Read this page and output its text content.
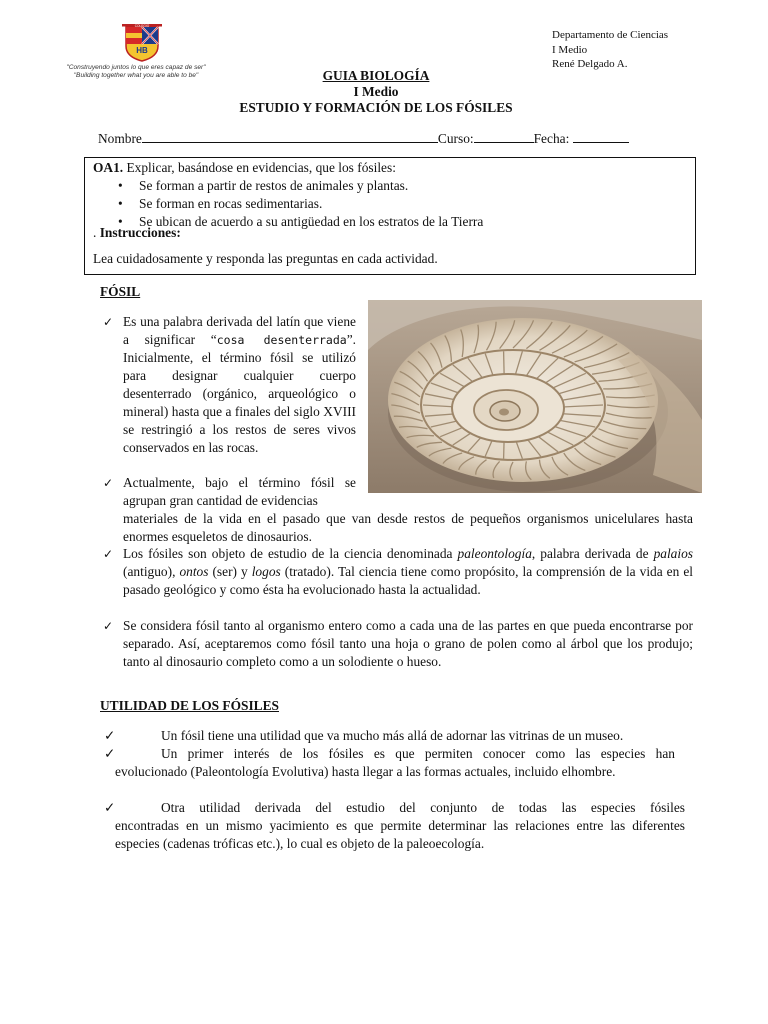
HB
COLEGIO
"Construyendo juntos lo que eres capaz de ser"
"Building together what you are able to be"
Departamento de Ciencias
I Medio
René Delgado A.
GUIA BIOLOGÍA
I Medio
ESTUDIO Y FORMACIÓN DE LOS FÓSILES
Nombre	Curso:	Fecha:
OA1. Explicar, basándose en evidencias, que los fósiles:
• Se forman a partir de restos de animales y plantas.
• Se forman en rocas sedimentarias.
• Se ubican de acuerdo a su antigüedad en los estratos de la Tierra
. Instrucciones:
Lea cuidadosamente y responda las preguntas en cada actividad.
FÓSIL
✓ Es una palabra derivada del latín que viene a significar “cosa desenterrada”. Inicialmente, el término fósil se utilizó para designar cualquier cuerpo desenterrado (orgánico, arqueológico o mineral) hasta que a finales del siglo XVIII se restringió a los restos de seres vivos conservados en las rocas.
✓ Actualmente, bajo el término fósil se agrupan gran cantidad de evidencias
materiales de la vida en el pasado que van desde restos de pequeños organismos unicelulares hasta enormes esqueletos de dinosaurios.
✓ Los fósiles son objeto de estudio de la ciencia denominada paleontología, palabra derivada de palaios (antiguo), ontos (ser) y logos (tratado). Tal ciencia tiene como propósito, la comprensión de la vida en el pasado geológico y como ésta ha evolucionado hasta la actualidad.
✓ Se considera fósil tanto al organismo entero como a cada una de las partes en que pueda encontrarse por separado. Así, aceptaremos como fósil tanto una hoja o grano de polen como al árbol que los produjo; tanto al dinosaurio completo como a un solodiente o hueso.
UTILIDAD DE LOS FÓSILES
✓	Un fósil tiene una utilidad que va mucho más allá de adornar las vitrinas de un museo.
✓	Un primer interés de los fósiles es que permiten conocer como las especies han
evolucionado (Paleontología Evolutiva) hasta llegar a las formas actuales, incluido elhombre.
✓	Otra utilidad derivada del estudio del conjunto de todas las especies fósiles
encontradas en un mismo yacimiento es que permite determinar las relaciones entre las diferentes especies (cadenas tróficas etc.), lo cual es objeto de la paleoecología.
